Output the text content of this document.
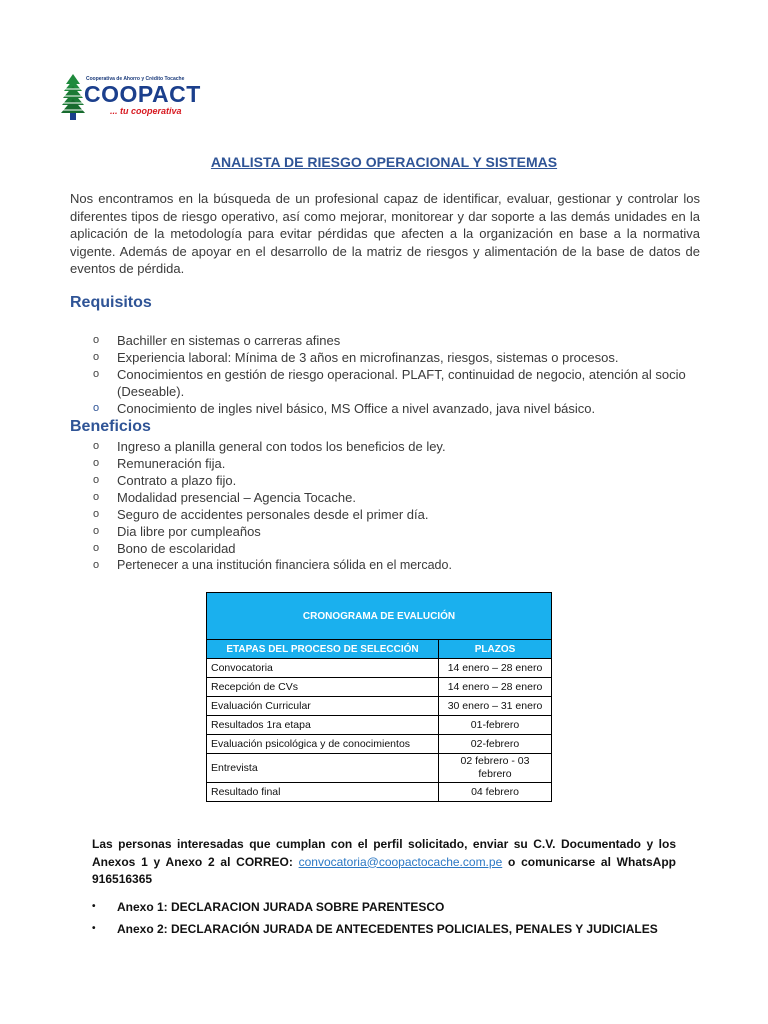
Cooperativa de Ahorro y Crédito Tocache
COOPACT
... tu cooperativa
ANALISTA DE RIESGO OPERACIONAL Y SISTEMAS

Nos encontramos en la búsqueda de un profesional capaz de identificar, evaluar, gestionar y controlar los diferentes tipos de riesgo operativo, así como mejorar, monitorear y dar soporte a las demás unidades en la aplicación de la metodología para evitar pérdidas que afecten a la organización en base a la normativa vigente. Además de apoyar en el desarrollo de la matriz de riesgos y alimentación de la base de datos de eventos de pérdida.

Requisitos
o Bachiller en sistemas o carreras afines
o Experiencia laboral: Mínima de 3 años en microfinanzas, riesgos, sistemas o procesos.
o Conocimientos en gestión de riesgo operacional. PLAFT, continuidad de negocio, atención al socio (Deseable).
o Conocimiento de ingles nivel básico, MS Office a nivel avanzado, java nivel básico.
Beneficios
o Ingreso a planilla general con todos los beneficios de ley.
o Remuneración fija.
o Contrato a plazo fijo.
o Modalidad presencial – Agencia Tocache.
o Seguro de accidentes personales desde el primer día.
o Dia libre por cumpleaños
o Bono de escolaridad
o Pertenecer a una institución financiera sólida en el mercado.
CRONOGRAMA DE EVALUCIÓN	
ETAPAS DEL PROCESO DE SELECCIÓN	PLAZOS
Convocatoria	14 enero – 28 enero
Recepción de CVs	14 enero – 28 enero
Evaluación Curricular	30 enero – 31 enero
Resultados 1ra etapa	01-febrero
Evaluación psicológica y de conocimientos	02-febrero
Entrevista	02 febrero - 03 febrero
Resultado final	04 febrero

Las personas interesadas que cumplan con el perfil solicitado, enviar su C.V. Documentado y los Anexos 1 y Anexo 2 al CORREO: convocatoria@coopactocache.com.pe o comunicarse al WhatsApp 916516365

• Anexo 1: DECLARACION JURADA SOBRE PARENTESCO
• Anexo 2: DECLARACIÓN JURADA DE ANTECEDENTES POLICIALES, PENALES Y JUDICIALES
